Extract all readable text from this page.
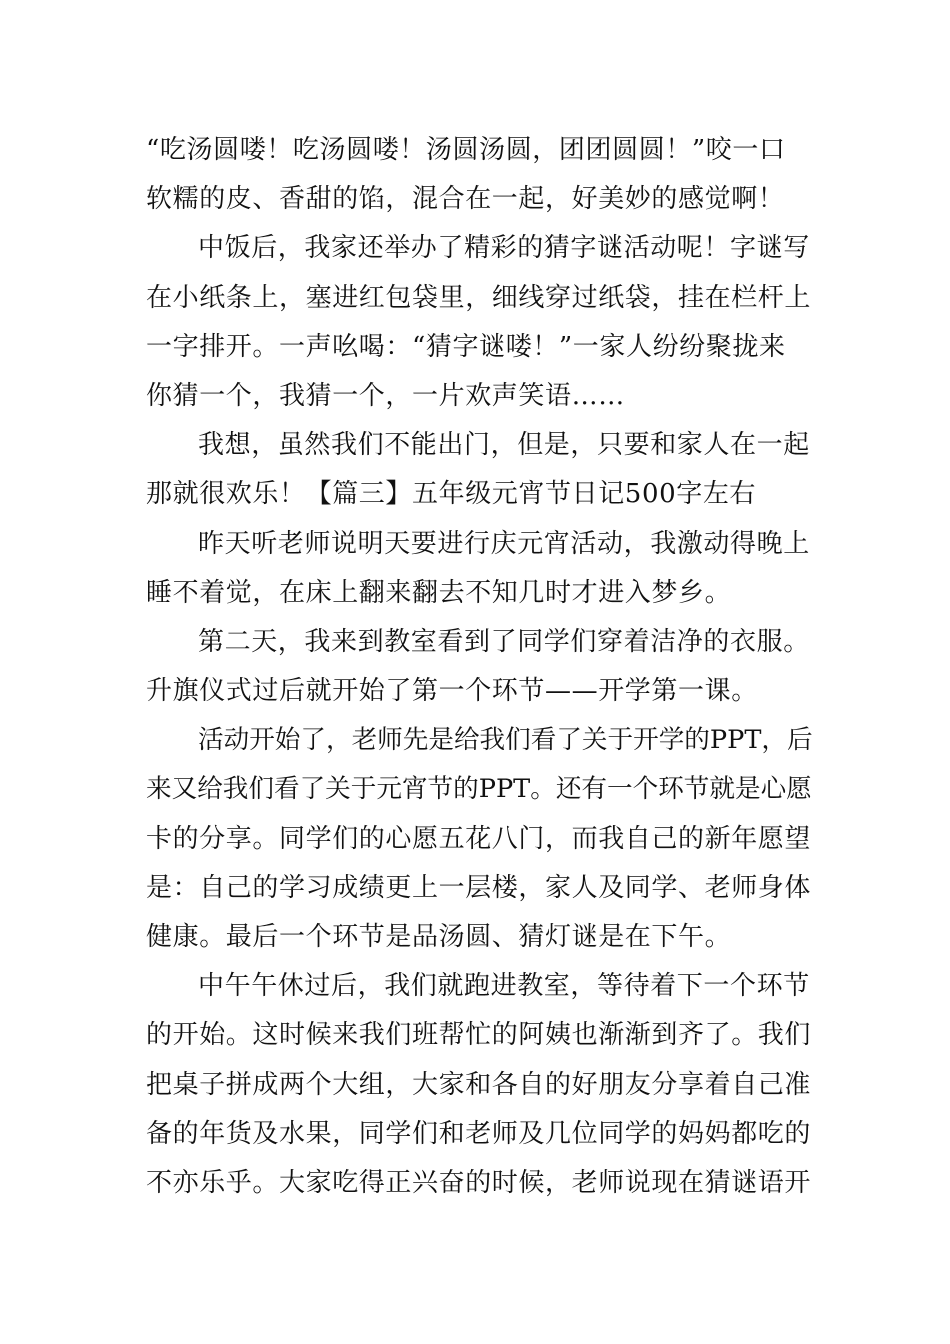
“吃汤圆喽！吃汤圆喽！汤圆汤圆，团团圆圆！”咬一口
软糯的皮、香甜的馅，混合在一起，好美妙的感觉啊！
中饭后，我家还举办了精彩的猜字谜活动呢！字谜写
在小纸条上，塞进红包袋里，细线穿过纸袋，挂在栏杆上
一字排开。一声吆喝：“猜字谜喽！”一家人纷纷聚拢来
你猜一个，我猜一个，一片欢声笑语……
我想，虽然我们不能出门，但是，只要和家人在一起
那就很欢乐！【篇三】五年级元宵节日记500字左右
昨天听老师说明天要进行庆元宵活动，我激动得晚上
睡不着觉，在床上翻来翻去不知几时才进入梦乡。
第二天，我来到教室看到了同学们穿着洁净的衣服。
升旗仪式过后就开始了第一个环节——开学第一课。
活动开始了，老师先是给我们看了关于开学的PPT，后
来又给我们看了关于元宵节的PPT。还有一个环节就是心愿
卡的分享。同学们的心愿五花八门，而我自己的新年愿望
是：自己的学习成绩更上一层楼，家人及同学、老师身体
健康。最后一个环节是品汤圆、猜灯谜是在下午。
中午午休过后，我们就跑进教室，等待着下一个环节
的开始。这时候来我们班帮忙的阿姨也渐渐到齐了。我们
把桌子拼成两个大组，大家和各自的好朋友分享着自己准
备的年货及水果，同学们和老师及几位同学的妈妈都吃的
不亦乐乎。大家吃得正兴奋的时候，老师说现在猜谜语开
